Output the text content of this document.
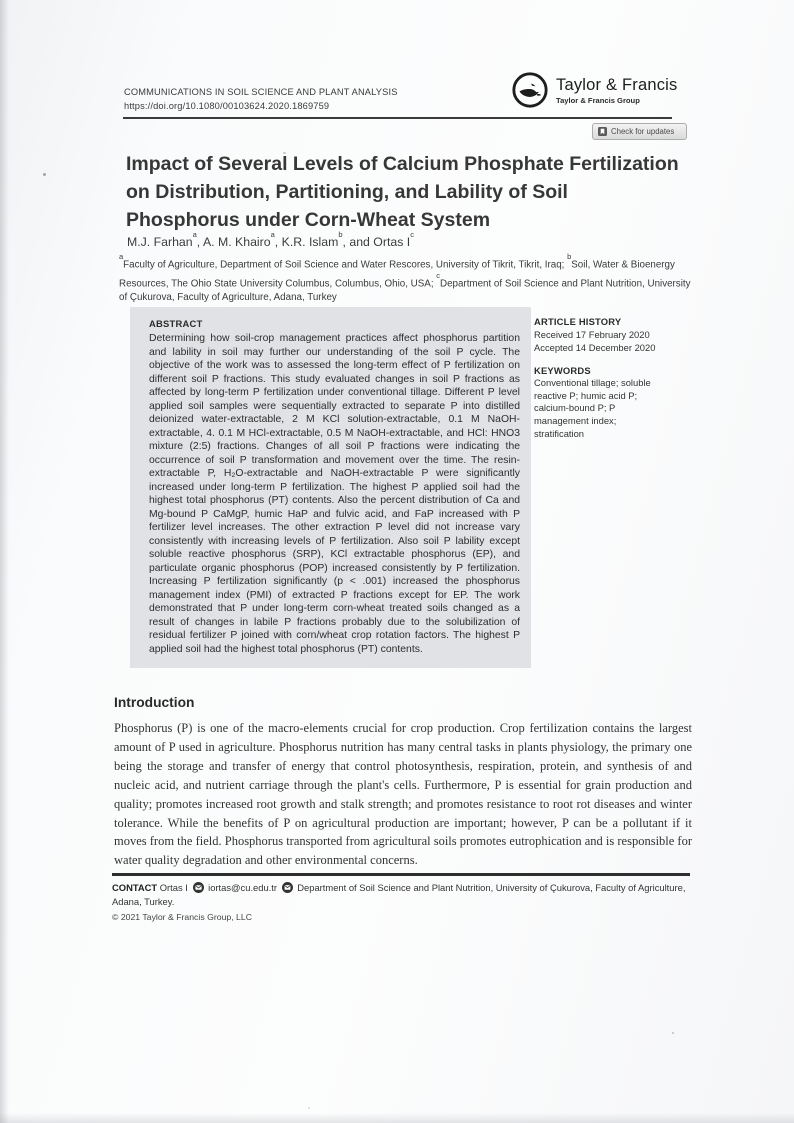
COMMUNICATIONS IN SOIL SCIENCE AND PLANT ANALYSIS
https://doi.org/10.1080/00103624.2020.1869759
Taylor & Francis
Taylor & Francis Group
Check for updates
Impact of Several Levels of Calcium Phosphate Fertilization on Distribution, Partitioning, and Lability of Soil Phosphorus under Corn-Wheat System
M.J. Farhan$^a$, A. M. Khairo$^a$, K.R. Islam$^b$, and Ortas $I^c$
$^a$Faculty of Agriculture, Department of Soil Science and Water Rescores, University of Tikrit, Tikrit, Iraq; $^b$Soil, Water & Bioenergy Resources, The Ohio State University Columbus, Columbus, Ohio, USA; $^c$Department of Soil Science and Plant Nutrition, University of Çukurova, Faculty of Agriculture, Adana, Turkey
ABSTRACT
Determining how soil-crop management practices affect phosphorus partition and lability in soil may further our understanding of the soil P cycle. The objective of the work was to assessed the long-term effect of P fertilization on different soil P fractions. This study evaluated changes in soil P fractions as affected by long-term P fertilization under conventional tillage. Different P level applied soil samples were sequentially extracted to separate P into distilled deionized water-extractable, 2 M KCl solution-extractable, 0.1 M NaOH-extractable, 4. 0.1 M HCl-extractable, 0.5 M NaOH-extractable, and HCl: HNO3 mixture (2:5) fractions. Changes of all soil P fractions were indicating the occurrence of soil P transformation and movement over the time. The resin-extractable P, H₂O-extractable and NaOH-extractable P were significantly increased under long-term P fertilization. The highest P applied soil had the highest total phosphorus (PT) contents. Also the percent distribution of Ca and Mg-bound P CaMgP, humic HaP and fulvic acid, and FaP increased with P fertilizer level increases. The other extraction P level did not increase vary consistently with increasing levels of P fertilization. Also soil P lability except soluble reactive phosphorus (SRP), KCl extractable phosphorus (EP), and particulate organic phosphorus (POP) increased consistently by P fertilization. Increasing P fertilization significantly (p < .001) increased the phosphorus management index (PMI) of extracted P fractions except for EP. The work demonstrated that P under long-term corn-wheat treated soils changed as a result of changes in labile P fractions probably due to the solubilization of residual fertilizer P joined with corn/wheat crop rotation factors. The highest P applied soil had the highest total phosphorus (PT) contents.
ARTICLE HISTORY
Received 17 February 2020
Accepted 14 December 2020
KEYWORDS
Conventional tillage; soluble reactive P; humic acid P; calcium-bound P; P management index; stratification
Introduction
Phosphorus (P) is one of the macro-elements crucial for crop production. Crop fertilization contains the largest amount of P used in agriculture. Phosphorus nutrition has many central tasks in plants physiology, the primary one being the storage and transfer of energy that control photosynthesis, respiration, protein, and synthesis of and nucleic acid, and nutrient carriage through the plant's cells. Furthermore, P is essential for grain production and quality; promotes increased root growth and stalk strength; and promotes resistance to root rot diseases and winter tolerance. While the benefits of P on agricultural production are important; however, P can be a pollutant if it moves from the field. Phosphorus transported from agricultural soils promotes eutrophication and is responsible for water quality degradation and other environmental concerns.
CONTACT Ortas I iortas@cu.edu.tr Department of Soil Science and Plant Nutrition, University of Çukurova, Faculty of Agriculture, Adana, Turkey.
© 2021 Taylor & Francis Group, LLC
